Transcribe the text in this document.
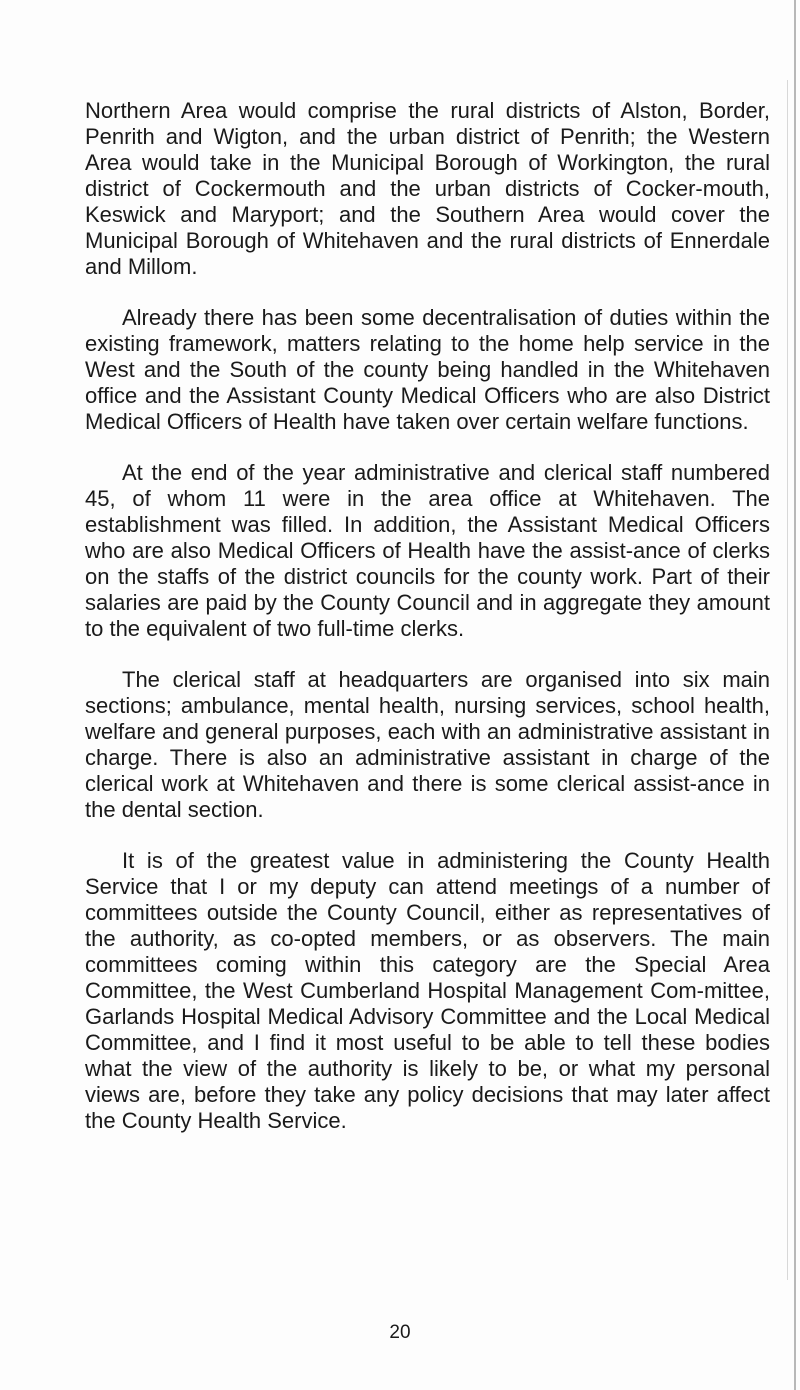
Northern Area would comprise the rural districts of Alston, Border, Penrith and Wigton, and the urban district of Penrith; the Western Area would take in the Municipal Borough of Workington, the rural district of Cockermouth and the urban districts of Cocker-mouth, Keswick and Maryport; and the Southern Area would cover the Municipal Borough of Whitehaven and the rural districts of Ennerdale and Millom.

Already there has been some decentralisation of duties within the existing framework, matters relating to the home help service in the West and the South of the county being handled in the Whitehaven office and the Assistant County Medical Officers who are also District Medical Officers of Health have taken over certain welfare functions.

At the end of the year administrative and clerical staff numbered 45, of whom 11 were in the area office at Whitehaven. The establishment was filled. In addition, the Assistant Medical Officers who are also Medical Officers of Health have the assist-ance of clerks on the staffs of the district councils for the county work. Part of their salaries are paid by the County Council and in aggregate they amount to the equivalent of two full-time clerks.

The clerical staff at headquarters are organised into six main sections; ambulance, mental health, nursing services, school health, welfare and general purposes, each with an administrative assistant in charge. There is also an administrative assistant in charge of the clerical work at Whitehaven and there is some clerical assist-ance in the dental section.

It is of the greatest value in administering the County Health Service that I or my deputy can attend meetings of a number of committees outside the County Council, either as representatives of the authority, as co-opted members, or as observers. The main committees coming within this category are the Special Area Committee, the West Cumberland Hospital Management Com-mittee, Garlands Hospital Medical Advisory Committee and the Local Medical Committee, and I find it most useful to be able to tell these bodies what the view of the authority is likely to be, or what my personal views are, before they take any policy decisions that may later affect the County Health Service.

20
